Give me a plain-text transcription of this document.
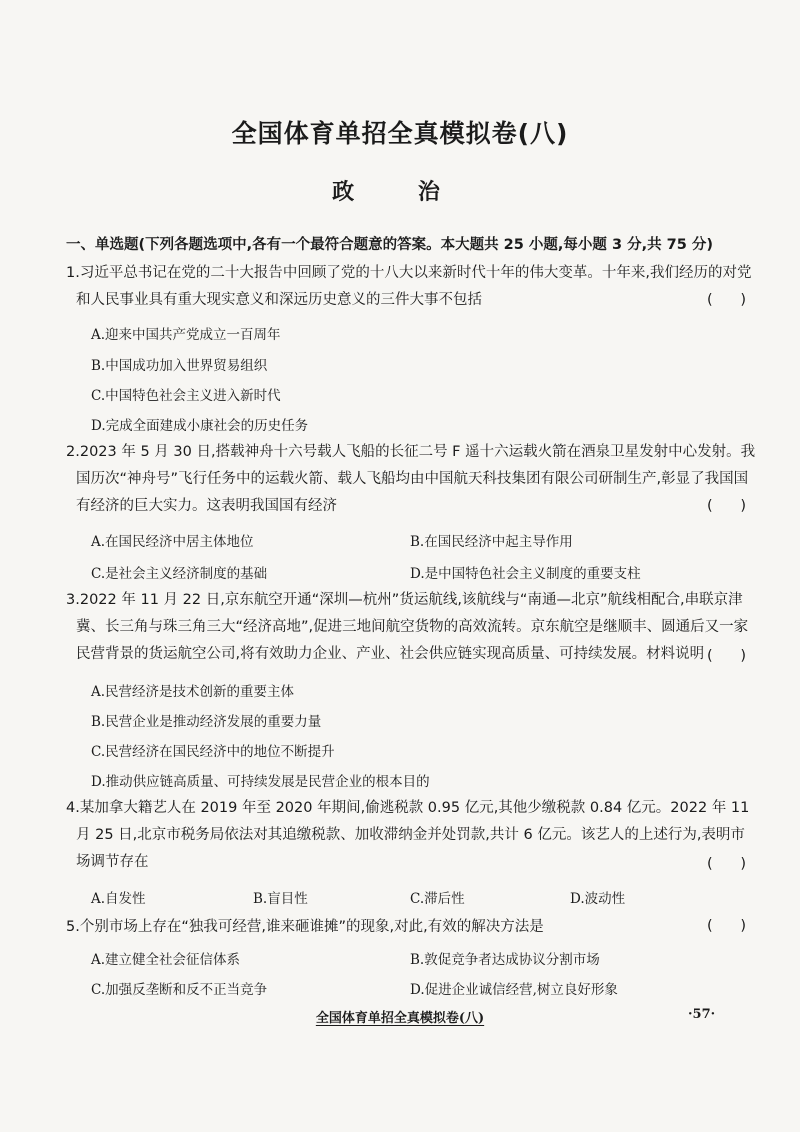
全国体育单招全真模拟卷(八)
政 治
一、单选题(下列各题选项中,各有一个最符合题意的答案。本大题共 25 小题,每小题 3 分,共 75 分)

1.习近平总书记在党的二十大报告中回顾了党的十八大以来新时代十年的伟大变革。十年来,我们经历的对党和人民事业具有重大现实意义和深远历史意义的三件大事不包括	(      )
A.迎来中国共产党成立一百周年
B.中国成功加入世界贸易组织
C.中国特色社会主义进入新时代
D.完成全面建成小康社会的历史任务

2.2023 年 5 月 30 日,搭载神舟十六号载人飞船的长征二号 F 遥十六运载火箭在酒泉卫星发射中心发射。我国历次“神舟号”飞行任务中的运载火箭、载人飞船均由中国航天科技集团有限公司研制生产,彰显了我国国有经济的巨大实力。这表明我国国有经济	(      )
A.在国民经济中居主体地位	B.在国民经济中起主导作用
C.是社会主义经济制度的基础	D.是中国特色社会主义制度的重要支柱

3.2022 年 11 月 22 日,京东航空开通“深圳—杭州”货运航线,该航线与“南通—北京”航线相配合,串联京津冀、长三角与珠三角三大“经济高地”,促进三地间航空货物的高效流转。京东航空是继顺丰、圆通后又一家民营背景的货运航空公司,将有效助力企业、产业、社会供应链实现高质量、可持续发展。材料说明 (      )
A.民营经济是技术创新的重要主体
B.民营企业是推动经济发展的重要力量
C.民营经济在国民经济中的地位不断提升
D.推动供应链高质量、可持续发展是民营企业的根本目的

4.某加拿大籍艺人在 2019 年至 2020 年期间,偷逃税款 0.95 亿元,其他少缴税款 0.84 亿元。2022 年 11 月 25 日,北京市税务局依法对其追缴税款、加收滞纳金并处罚款,共计 6 亿元。该艺人的上述行为,表明市场调节存在	(      )
A.自发性	B.盲目性	C.滞后性	D.波动性

5.个别市场上存在“独我可经营,谁来砸谁摊”的现象,对此,有效的解决方法是	(      )
A.建立健全社会征信体系	B.敦促竞争者达成协议分割市场
C.加强反垄断和反不正当竞争	D.促进企业诚信经营,树立良好形象
全国体育单招全真模拟卷(八)	·57·
